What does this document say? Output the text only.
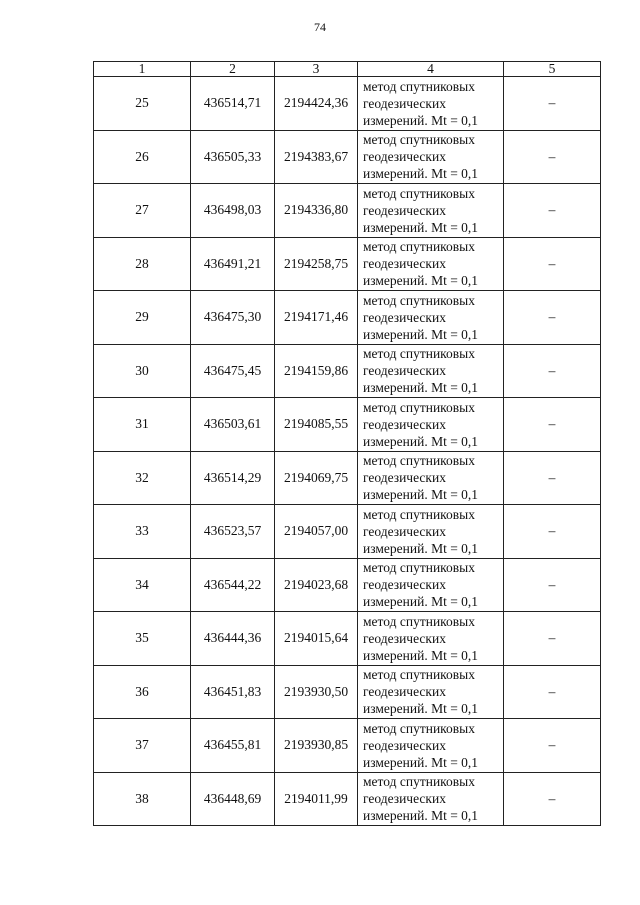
74
1	2	3	4	5
25	436514,71	2194424,36	метод спутниковых
геодезических
измерений. Mt = 0,1	–
26	436505,33	2194383,67	метод спутниковых
геодезических
измерений. Mt = 0,1	–
27	436498,03	2194336,80	метод спутниковых
геодезических
измерений. Mt = 0,1	–
28	436491,21	2194258,75	метод спутниковых
геодезических
измерений. Mt = 0,1	–
29	436475,30	2194171,46	метод спутниковых
геодезических
измерений. Mt = 0,1	–
30	436475,45	2194159,86	метод спутниковых
геодезических
измерений. Mt = 0,1	–
31	436503,61	2194085,55	метод спутниковых
геодезических
измерений. Mt = 0,1	–
32	436514,29	2194069,75	метод спутниковых
геодезических
измерений. Mt = 0,1	–
33	436523,57	2194057,00	метод спутниковых
геодезических
измерений. Mt = 0,1	–
34	436544,22	2194023,68	метод спутниковых
геодезических
измерений. Mt = 0,1	–
35	436444,36	2194015,64	метод спутниковых
геодезических
измерений. Mt = 0,1	–
36	436451,83	2193930,50	метод спутниковых
геодезических
измерений. Mt = 0,1	–
37	436455,81	2193930,85	метод спутниковых
геодезических
измерений. Mt = 0,1	–
38	436448,69	2194011,99	метод спутниковых
геодезических
измерений. Mt = 0,1	–
